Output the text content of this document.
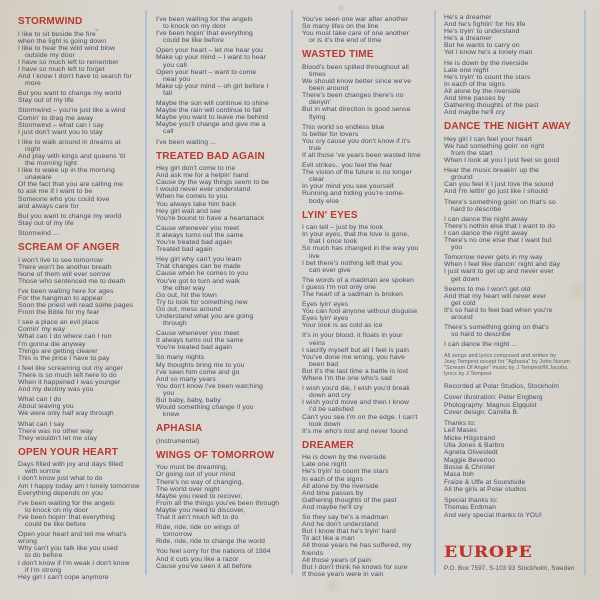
STORMWIND

I like to sit beside the fire
when the light is going down
I like to hear the wild wind blow
outside my door
I have so much left to remember
I have so much left to forget
And I know I don't have to search for
more

But you want to change my world
Stay out of my life

Stormwind – you're just like a wind
Comin' to drag me away
Stormwind – what can I say
I just don't want you to stay

I like to walk around in dreams at
night
And play with kings and queens 'til
the morning light
I like to wake up in the morning
unaware
Of the fact that you are calling me
to ask me if I want to be
Someone who you could love
and always care for

But you want to change my world
Stay out of my life

Stormwind ...

SCREAM OF ANGER

I won't live to see tomorrow
There won't be another breath
None of them will ever sorrow
Those who sentenced me to death

I've been waiting here for ages
For the hangman to appear
Soon the priest will read some pages
From the Bible for my fear

I see a place an evil place
Comin' my way
What can I do where can I run
I'm gonna die anyway
Things are getting clearer
This is the price I have to pay

I feel like screaming out my anger
There is so much left here to do
When it happened I was younger
And my destiny was you

What can I do
About leaving you
We were only half way through

What can I say
There was no other way
They wouldn't let me stay

OPEN YOUR HEART

Days filled with joy and days filled
with sorrow
I don't know just what to do
Am I happy today am I lonely tomorrow
Everything depends on you

I've been waiting for the angels
to knock on my door
I've been hopin' that everything
could be like before

Open your heart and tell me what's wrong
Why can't you talk like you used
to do before
I don't know if I'm weak I don't know
if I'm strong
Hey girl I can't cope anymore

I've been waiting for the angels
to knock on my door
I've been hopin' that everything
could be like before

Open your heart – let me hear you
Make up your mind – I want to hear
you call
Open your heart – want to come
near you
Make up your mind – oh girl before I
fall

Maybe the sun will continue to shine
Maybe the rain will continue to fall
Maybe you want to leave me behind
Maybe you'll change and give me a
call

I've been waiting ...

TREATED BAD AGAIN

Hey girl don't come to me
And ask me for a helpin' hand
Cause by the way things seem to be
I would never ever understand
When he comes to you
You always take him back
Hey girl wait and see
You're bound to have a heartattack

Cause whenever you meet
It always turns out the same
You're treated bad again
Treated bad again

Hey girl why can't you learn
That changes can be made
Cause when he comes to you
You've got to turn and walk
the other way
Go out, hit the town
Try to look for something new
Go out, mess around
Understand what you are going
through

Cause whenever you meet
It always turns out the same
You're treated bad again

So many nights
My thoughts bring me to you
I've seen him come and go
And so many years
You don't know I've been watching
you
But baby, baby, baby
Would something change if you
knew

APHASIA

(Instrumental)

WINGS OF TOMORROW

You must be dreaming,
Or going out of your mind
There's no way of changing,
The world over night
Maybe you need to recover,
From all the things you've been through
Maybe you need to discover,
That it ain't much left to do

Ride, ride, ride on wings of
tomorrow
Ride, ride, ride to change the world

You feel sorry for the nations of 1984
And it cuts you like a razor
Cause you've seen it all before

You've seen one war after another
So many lifes on the line
You must take care of one another
or is it's the end of time

WASTED TIME

Blood's been spilled throughout all
times
We should know better since we've
been around
There's been changes there's no
denyin'
But in what direction is good sense
flying

This world so endless blue
Is better for lovers
You cry cause you don't know if it's
true
If all those 've years been wasted time

Evil strikes.. you feel the fear
The vision of the future is no longer
clear
In your mind you see yourself
Running and hiding you're some-
body else

LYIN' EYES

I can tell – just by the look
In your eyes, that the love is gone,
that I once took
So much has changed in the way you
live
I bet there's nothing left that you
can ever give

The words of a madman are spoken
I guess I'm not only one
The heart of a sadman is broken

Eyes lyin' eyes
You can fool anyone without disguise
Eyes lyin' eyes
Your look is as cold as ice

It's in your blood, it floats in your
veins
I sacrify myself but all I feel is pain
You've done me wrong, you have
been bad
But it's the last time a battle is lost
Where I'm the one who's sad

I wish you'd die, I wish you'd break
down and cry
I wish you'd move and then I know
I'd be satisfied
Can't you see I'm on the edge. I can't
look down
It's me who's lost and never found

DREAMER

He is down by the riverside
Late one night
He's tryin' to count the stars
In each of the signs
All alone by the riverside
And time passes by
Gathering thoughts of the past
And maybe he'll cry

So they say he's a madman
And he don't understand
But I know that he's tryin' hard
To act like a man
All those years he has suffered, my friends
All those years of pain
But I don't think he knows for sure
If those years were in vain

He's a dreamer
And he's fightin' for his life
He's tryin' to understand
He's a dreamer
But he wants to carry on
Yet I know he's a lonely man

He is down by the riverside
Late one night
He's tryin' to count the stars
In each of the signs
All alone by the riverside
And time passes by
Gathering thoughts of the past
And maybe he'll cry

DANCE THE NIGHT AWAY

Hey girl I can feel your heart
We had something goin' on right
from the start
When I look at you I just feel so good

Hear the music breakin' up the
ground
Can you feel it I just love the sound
And I'm lettin' go just like I should

There's something goin' on that's so
hard to describe

I can dance the night away
There's nothin else that I want to do
I can dance the night away
There's no one else that I want but
you

Tomorrow never gets in my way
When I feel like dancin' night and day
I just want to get up and never ever
get down

Seems to me I won't get old
And that my heart will never ever
get cold
It's so hard to feel bad when you're
around

There's something going on that's
so hard to describe

I can dance the night ...

All songs and lyrics composed and written by
Joey Tempest except for "Aphasia" by John Norum.
"Scream Of Anger" music by J.Tempest/M.Jacobs,
lyrics by J.Tempest

Recorded at Polar Studios, Stockholm

Cover illustration: Peter Engberg
Photography: Magnus Elgquist
Cover design: Camilla B.

Thanks to:
Leif Mases
Micke Högstrand
Ulla Jones & Barbro
Agneta Olivestedt
Maggie Beverloo
Bosse & Christer
Masa Itoh
Fraize & Uffe at Soundside
All the girls at Polar studios

Special thanks to:
Thomas Erdtman
And very special thanks to YOU!

EUROPE
P.O. Box 7597, S-103 93 Stockholm, Sweden
